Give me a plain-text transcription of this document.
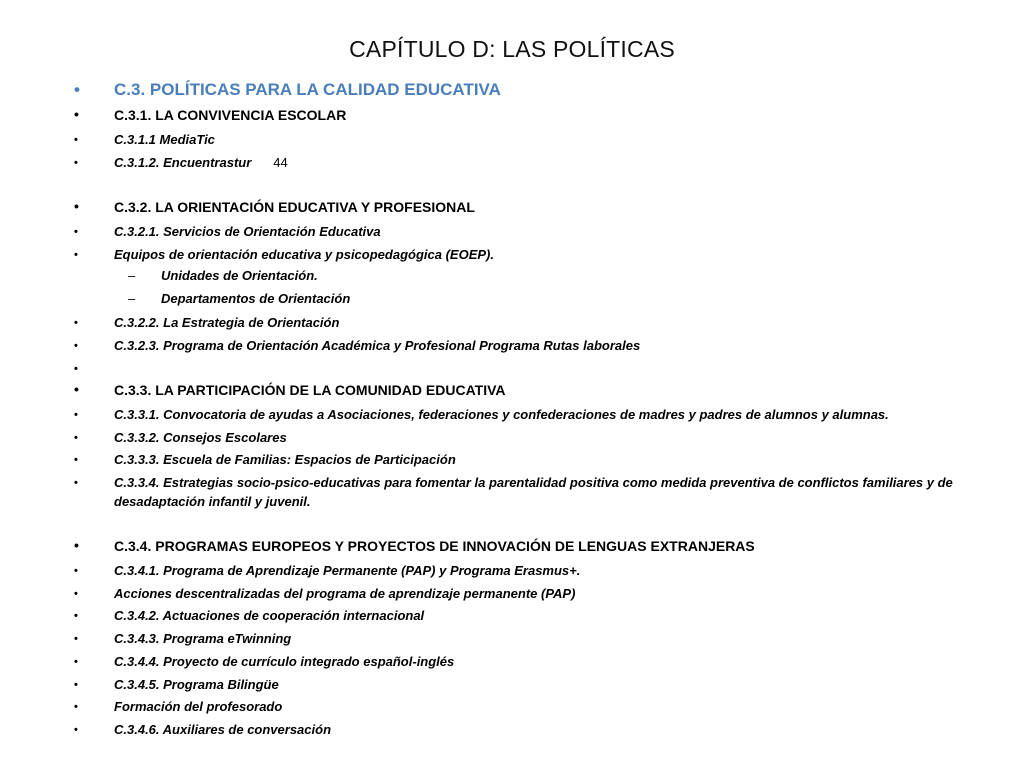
CAPÍTULO D: LAS POLÍTICAS
• C.3. POLÍTICAS PARA LA CALIDAD EDUCATIVA
•	C.3.1. LA CONVIVENCIA ESCOLAR
•	C.3.1.1 MediaTic
•	C.3.1.2. Encuentrastur 44
•	C.3.2. LA ORIENTACIÓN EDUCATIVA Y PROFESIONAL
•	C.3.2.1. Servicios de Orientación Educativa
•	Equipos de orientación educativa y psicopedagógica (EOEP).
– Unidades de Orientación.
– Departamentos de Orientación
•	C.3.2.2. La Estrategia de Orientación
•	C.3.2.3. Programa de Orientación Académica y Profesional Programa Rutas laborales
•
•	C.3.3. LA PARTICIPACIÓN DE LA COMUNIDAD EDUCATIVA
•	C.3.3.1. Convocatoria de ayudas a Asociaciones, federaciones y confederaciones de madres y padres de alumnos y alumnas.
•	C.3.3.2. Consejos Escolares
•	C.3.3.3. Escuela de Familias: Espacios de Participación
•	C.3.3.4. Estrategias socio-psico-educativas para fomentar la parentalidad positiva como medida preventiva de conflictos familiares y de desadaptación infantil y juvenil.
•	C.3.4. PROGRAMAS EUROPEOS Y PROYECTOS DE INNOVACIÓN DE LENGUAS EXTRANJERAS
•	C.3.4.1. Programa de Aprendizaje Permanente (PAP) y Programa Erasmus+.
•	Acciones descentralizadas del programa de aprendizaje permanente (PAP)
•	C.3.4.2. Actuaciones de cooperación internacional
•	C.3.4.3. Programa eTwinning
•	C.3.4.4. Proyecto de currículo integrado español-inglés
•	C.3.4.5. Programa Bilingüe
•	Formación del profesorado
•	C.3.4.6. Auxiliares de conversación
